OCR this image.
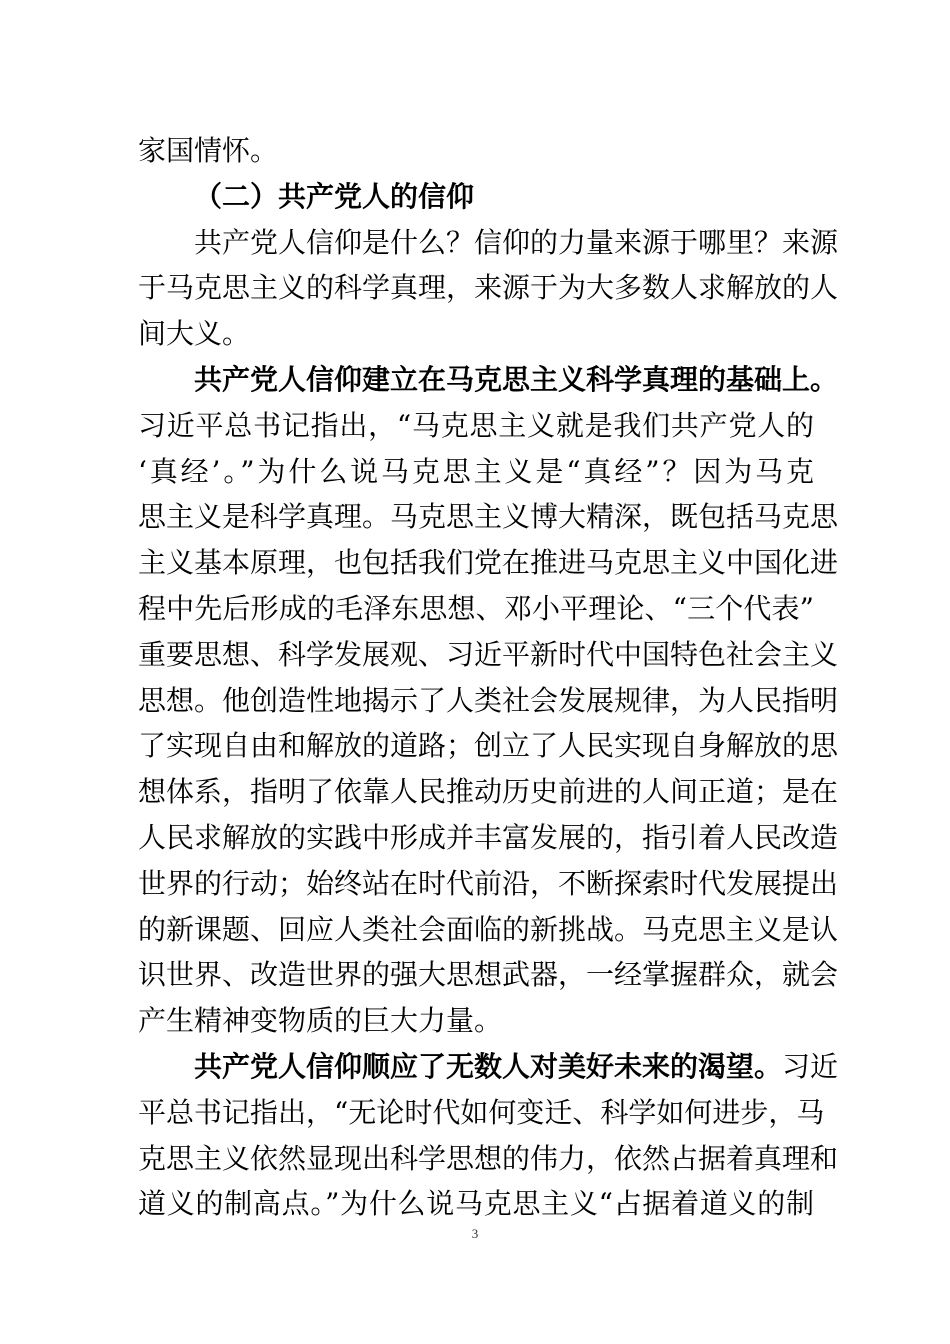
家国情怀。
（二）共产党人的信仰
共产党人信仰是什么？信仰的力量来源于哪里？来源
于马克思主义的科学真理，来源于为大多数人求解放的人
间大义。
共产党人信仰建立在马克思主义科学真理的基础上。
习近平总书记指出，“马克思主义就是我们共产党人的
‘真经’。”为什么说马克思主义是“真经”？因为马克
思主义是科学真理。马克思主义博大精深，既包括马克思
主义基本原理，也包括我们党在推进马克思主义中国化进
程中先后形成的毛泽东思想、邓小平理论、“三个代表”
重要思想、科学发展观、习近平新时代中国特色社会主义
思想。他创造性地揭示了人类社会发展规律，为人民指明
了实现自由和解放的道路；创立了人民实现自身解放的思
想体系，指明了依靠人民推动历史前进的人间正道；是在
人民求解放的实践中形成并丰富发展的，指引着人民改造
世界的行动；始终站在时代前沿，不断探索时代发展提出
的新课题、回应人类社会面临的新挑战。马克思主义是认
识世界、改造世界的强大思想武器，一经掌握群众，就会
产生精神变物质的巨大力量。
共产党人信仰顺应了无数人对美好未来的渴望。习近
平总书记指出，“无论时代如何变迁、科学如何进步，马
克思主义依然显现出科学思想的伟力，依然占据着真理和
道义的制高点。”为什么说马克思主义“占据着道义的制
3
